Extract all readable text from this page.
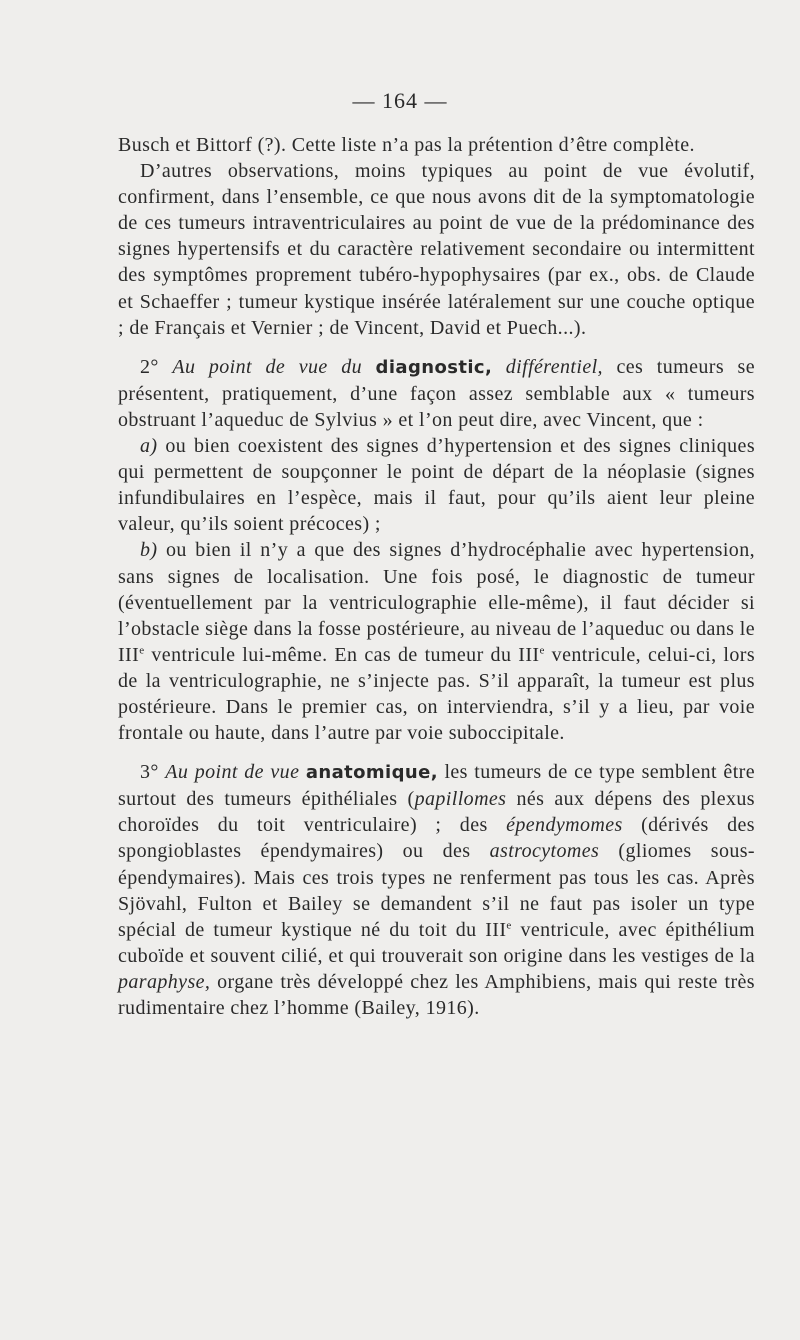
— 164 —

Busch et Bittorf (?). Cette liste n’a pas la prétention d’être complète.

D’autres observations, moins typiques au point de vue évolutif, confirment, dans l’ensemble, ce que nous avons dit de la symptomatologie de ces tumeurs intraventriculaires au point de vue de la prédominance des signes hypertensifs et du caractère relativement secondaire ou intermittent des symptômes proprement tubéro-hypophysaires (par ex., obs. de Claude et Schaeffer ; tumeur kystique insérée latéralement sur une couche optique ; de Français et Vernier ; de Vincent, David et Puech...).

2° Au point de vue du diagnostic, différentiel, ces tumeurs se présentent, pratiquement, d’une façon assez semblable aux « tumeurs obstruant l’aqueduc de Sylvius » et l’on peut dire, avec Vincent, que :

a) ou bien coexistent des signes d’hypertension et des signes cliniques qui permettent de soupçonner le point de départ de la néoplasie (signes infundibulaires en l’espèce, mais il faut, pour qu’ils aient leur pleine valeur, qu’ils soient précoces) ;

b) ou bien il n’y a que des signes d’hydrocéphalie avec hypertension, sans signes de localisation. Une fois posé, le diagnostic de tumeur (éventuellement par la ventriculographie elle-même), il faut décider si l’obstacle siège dans la fosse postérieure, au niveau de l’aqueduc ou dans le IIIe ventricule lui-même. En cas de tumeur du IIIe ventricule, celui-ci, lors de la ventriculographie, ne s’injecte pas. S’il apparaît, la tumeur est plus postérieure. Dans le premier cas, on interviendra, s’il y a lieu, par voie frontale ou haute, dans l’autre par voie suboccipitale.

3° Au point de vue anatomique, les tumeurs de ce type semblent être surtout des tumeurs épithéliales (papillomes nés aux dépens des plexus choroïdes du toit ventriculaire) ; des épendymomes (dérivés des spongioblastes épendymaires) ou des astrocytomes (gliomes sous-épendymaires). Mais ces trois types ne renferment pas tous les cas. Après Sjövahl, Fulton et Bailey se demandent s’il ne faut pas isoler un type spécial de tumeur kystique né du toit du IIIe ventricule, avec épithélium cuboïde et souvent cilié, et qui trouverait son origine dans les vestiges de la paraphyse, organe très développé chez les Amphibiens, mais qui reste très rudimentaire chez l’homme (Bailey, 1916).
